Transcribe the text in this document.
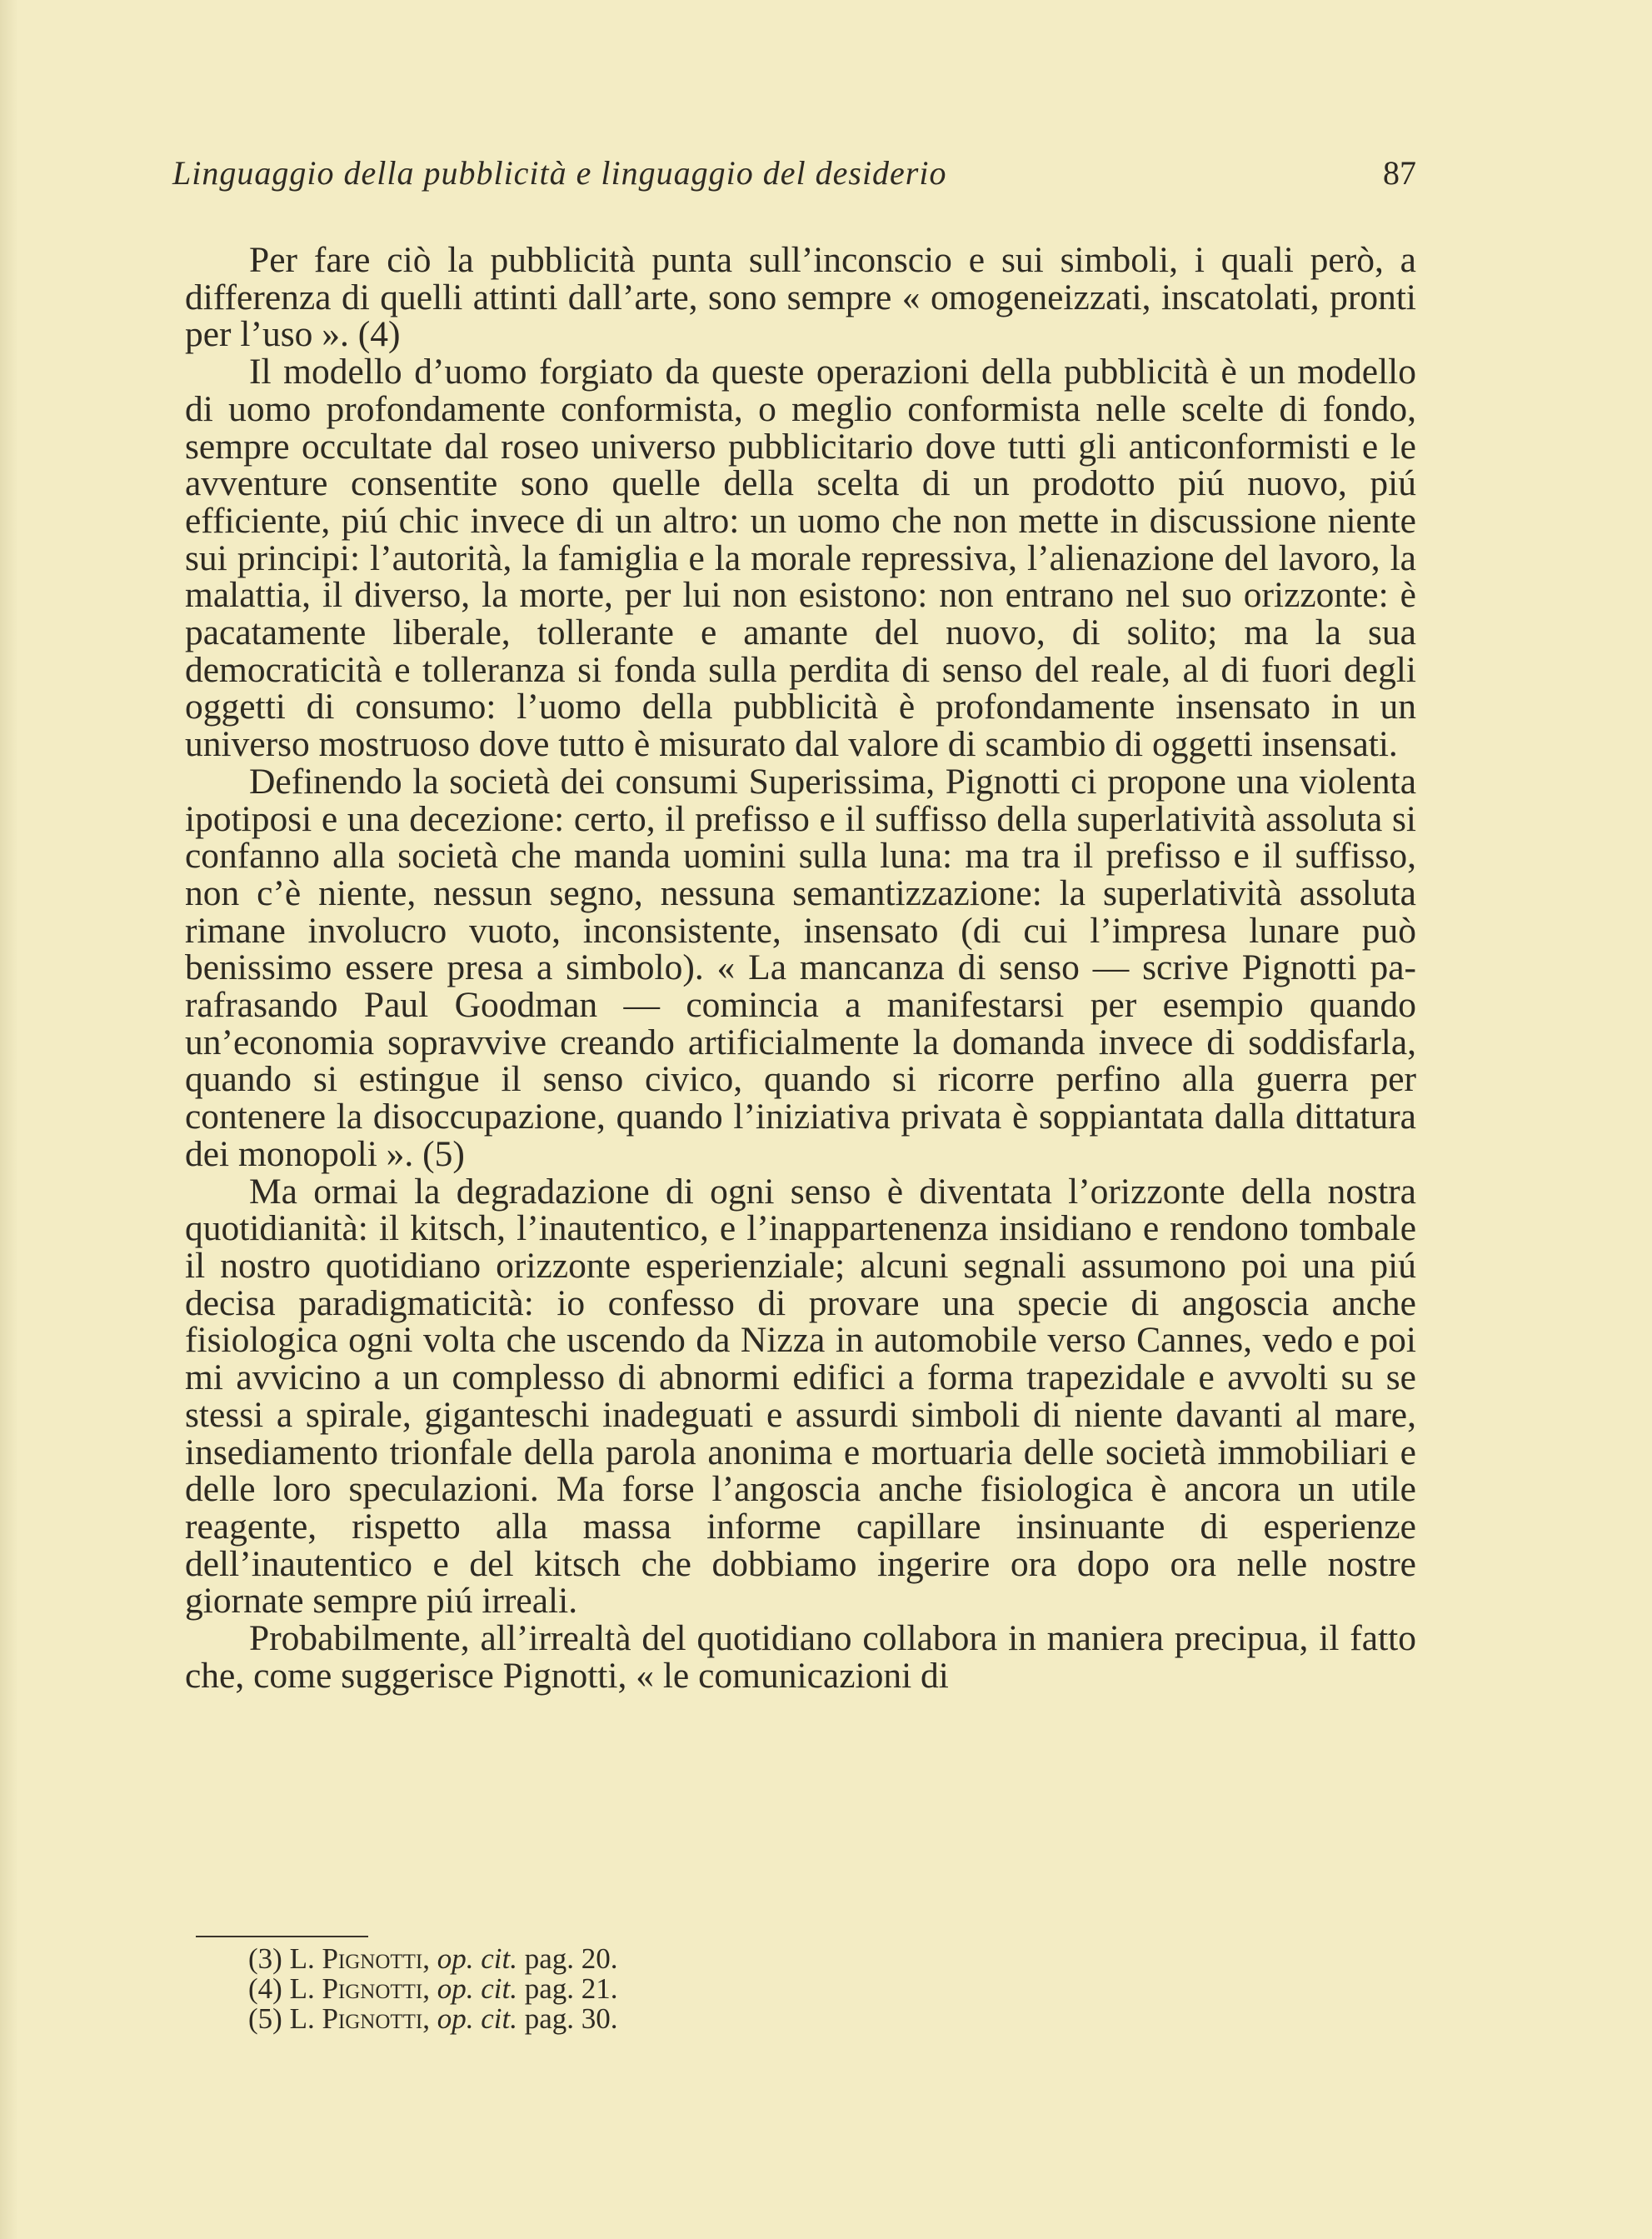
Linguaggio della pubblicità e linguaggio del desiderio	87

Per fare ciò la pubblicità punta sull’inconscio e sui simboli, i quali però, a differenza di quelli attinti dall’arte, sono sempre « omogeneizzati, inscatolati, pronti per l’uso ». (4)

Il modello d’uomo forgiato da queste operazioni della pubblicità è un modello di uomo profondamente conformista, o meglio conformista nelle scelte di fondo, sempre occultate dal roseo universo pubblicitario dove tutti gli anticonformisti e le avventure consentite sono quelle della scelta di un prodotto piú nuovo, piú efficiente, piú chic invece di un altro: un uomo che non mette in discussione niente sui principi: l’autorità, la famiglia e la morale repressiva, l’alienazione del lavoro, la malattia, il diverso, la morte, per lui non esistono: non entrano nel suo orizzonte: è pacatamente liberale, tollerante e amante del nuovo, di solito; ma la sua democraticità e tolleranza si fonda sulla perdita di senso del reale, al di fuori degli oggetti di consumo: l’uomo della pubblicità è profondamente insensato in un universo mostruoso dove tutto è misurato dal valore di scambio di oggetti insensati.

Definendo la società dei consumi Superissima, Pignotti ci propone una violenta ipotiposi e una decezione: certo, il prefisso e il suffisso della superlatività assoluta si confanno alla società che manda uomini sulla luna: ma tra il prefisso e il suffisso, non c’è niente, nessun segno, nessuna semantizzazione: la superlatività assoluta rimane involucro vuoto, inconsistente, insensato (di cui l’impresa lunare può benissimo essere presa a simbolo). « La mancanza di senso — scrive Pignotti parafrasando Paul Goodman — comincia a manifestarsi per esempio quando un’economia sopravvive creando artificialmente la domanda invece di soddisfarla, quando si estingue il senso civico, quando si ricorre perfino alla guerra per contenere la disoccupazione, quando l’iniziativa privata è soppiantata dalla dittatura dei monopoli ». (5)

Ma ormai la degradazione di ogni senso è diventata l’orizzonte della nostra quotidianità: il kitsch, l’inautentico, e l’inappartenenza insidiano e rendono tombale il nostro quotidiano orizzonte esperienziale; alcuni segnali assumono poi una piú decisa paradigmaticità: io confesso di provare una specie di angoscia anche fisiologica ogni volta che uscendo da Nizza in automobile verso Cannes, vedo e poi mi avvicino a un complesso di abnormi edifici a forma trapezidale e avvolti su se stessi a spirale, giganteschi inadeguati e assurdi simboli di niente davanti al mare, insediamento trionfale della parola anonima e mortuaria delle società immobiliari e delle loro speculazioni. Ma forse l’angoscia anche fisiologica è ancora un utile reagente, rispetto alla massa informe capillare insinuante di esperienze dell’inautentico e del kitsch che dobbiamo ingerire ora dopo ora nelle nostre giornate sempre piú irreali.

Probabilmente, all’irrealtà del quotidiano collabora in maniera precipua, il fatto che, come suggerisce Pignotti, « le comunicazioni di

(3) L. Pignotti, op. cit. pag. 20.
(4) L. Pignotti, op. cit. pag. 21.
(5) L. Pignotti, op. cit. pag. 30.
